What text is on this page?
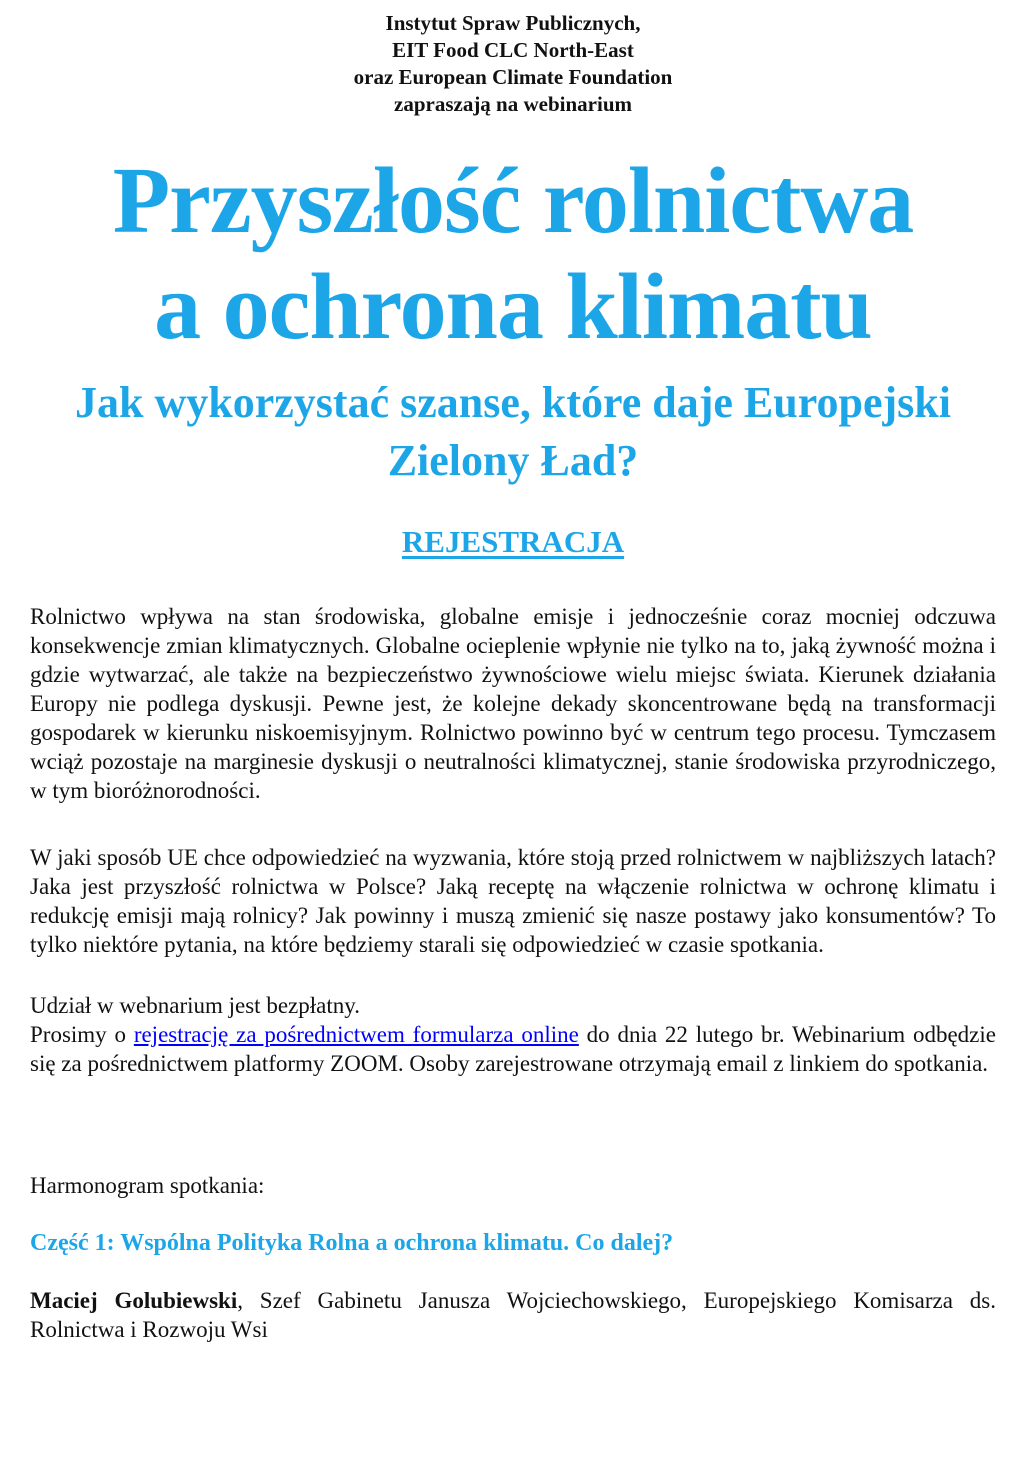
Instytut Spraw Publicznych,
EIT Food CLC North-East
oraz European Climate Foundation
zapraszają na webinarium
Przyszłość rolnictwa
a ochrona klimatu
Jak wykorzystać szanse, które daje Europejski
Zielony Ład?
REJESTRACJA

Rolnictwo wpływa na stan środowiska, globalne emisje i jednocześnie coraz mocniej odczuwa konsekwencje zmian klimatycznych. Globalne ocieplenie wpłynie nie tylko na to, jaką żywność można i gdzie wytwarzać, ale także na bezpieczeństwo żywnościowe wielu miejsc świata. Kierunek działania Europy nie podlega dyskusji. Pewne jest, że kolejne dekady skoncentrowane będą na transformacji gospodarek w kierunku niskoemisyjnym. Rolnictwo powinno być w centrum tego procesu. Tymczasem wciąż pozostaje na marginesie dyskusji o neutralności klimatycznej, stanie środowiska przyrodniczego, w tym bioróżnorodności.

W jaki sposób UE chce odpowiedzieć na wyzwania, które stoją przed rolnictwem w najbliższych latach? Jaka jest przyszłość rolnictwa w Polsce? Jaką receptę na włączenie rolnictwa w ochronę klimatu i redukcję emisji mają rolnicy? Jak powinny i muszą zmienić się nasze postawy jako konsumentów? To tylko niektóre pytania, na które będziemy starali się odpowiedzieć w czasie spotkania.

Udział w webnarium jest bezpłatny.
Prosimy o rejestrację za pośrednictwem formularza online do dnia 22 lutego br. Webinarium odbędzie się za pośrednictwem platformy ZOOM. Osoby zarejestrowane otrzymają email z linkiem do spotkania.

Harmonogram spotkania:

Część 1: Wspólna Polityka Rolna a ochrona klimatu. Co dalej?

Maciej Golubiewski, Szef Gabinetu Janusza Wojciechowskiego, Europejskiego Komisarza ds. Rolnictwa i Rozwoju Wsi
